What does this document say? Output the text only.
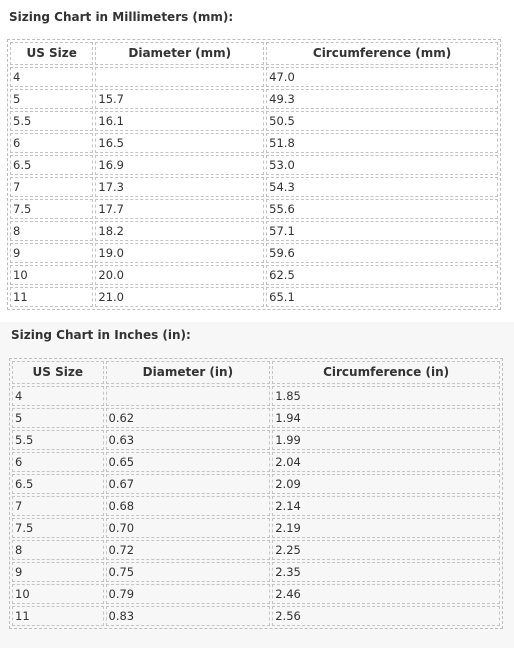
Sizing Chart in Millimeters (mm):
US Size	Diameter (mm)	Circumference (mm)
4		47.0
5	15.7	49.3
5.5	16.1	50.5
6	16.5	51.8
6.5	16.9	53.0
7	17.3	54.3
7.5	17.7	55.6
8	18.2	57.1
9	19.0	59.6
10	20.0	62.5
11	21.0	65.1
Sizing Chart in Inches (in):
US Size	Diameter (in)	Circumference (in)
4		1.85
5	0.62	1.94
5.5	0.63	1.99
6	0.65	2.04
6.5	0.67	2.09
7	0.68	2.14
7.5	0.70	2.19
8	0.72	2.25
9	0.75	2.35
10	0.79	2.46
11	0.83	2.56
